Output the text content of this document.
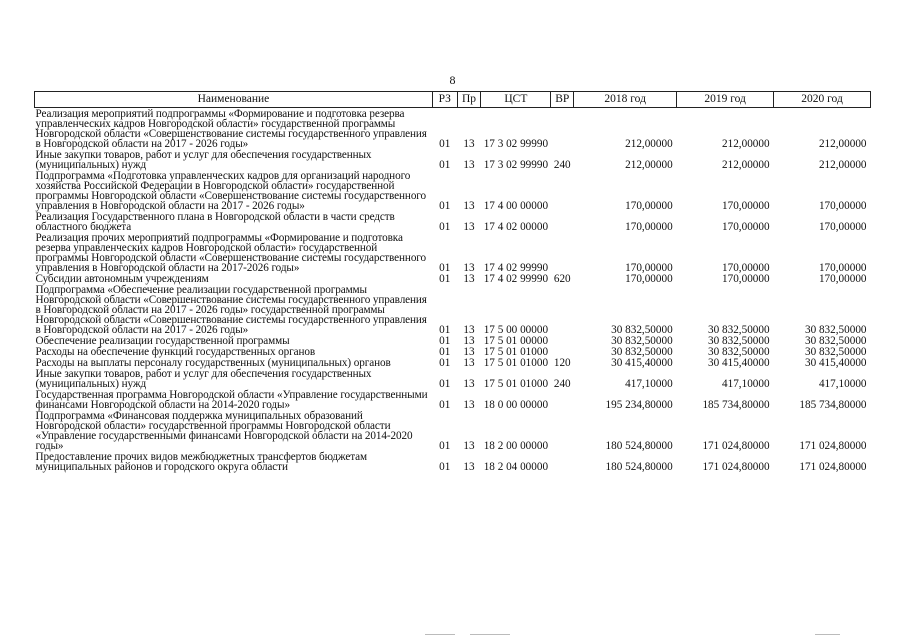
8
Наименование	РЗ	Пр	ЦСТ	ВР	2018 год	2019 год	2020 год
Реализация мероприятий подпрограммы «Формирование и подготовка резерва управленческих кадров Новгородской области» государственной программы Новгородской области «Совершенствование системы государственного управления в Новгородской области на 2017 - 2026 годы»	01	13	17 3 02 99990		212,00000	212,00000	212,00000
Иные закупки товаров, работ и услуг для обеспечения государственных (муниципальных) нужд	01	13	17 3 02 99990	240	212,00000	212,00000	212,00000
Подпрограмма «Подготовка управленческих кадров для организаций народного хозяйства Российской Федерации в Новгородской области» государственной программы Новгородской области «Совершенствование системы государственного управления в Новгородской области на 2017 - 2026 годы»	01	13	17 4 00 00000		170,00000	170,00000	170,00000
Реализация Государственного плана в Новгородской области в части средств областного бюджета	01	13	17 4 02 00000		170,00000	170,00000	170,00000
Реализация прочих мероприятий подпрограммы «Формирование и подготовка резерва управленческих кадров Новгородской области» государственной программы Новгородской области «Совершенствование системы государственного управления в Новгородской области на 2017-2026 годы»	01	13	17 4 02 99990		170,00000	170,00000	170,00000
Субсидии автономным учреждениям	01	13	17 4 02 99990	620	170,00000	170,00000	170,00000
Подпрограмма «Обеспечение реализации государственной программы Новгородской области «Совершенствование системы государственного управления в Новгородской области на 2017 - 2026 годы» государственной программы Новгородской области «Совершенствование системы государственного управления в Новгородской области на 2017 - 2026 годы»	01	13	17 5 00 00000		30 832,50000	30 832,50000	30 832,50000
Обеспечение реализации государственной программы	01	13	17 5 01 00000		30 832,50000	30 832,50000	30 832,50000
Расходы на обеспечение функций государственных органов	01	13	17 5 01 01000		30 832,50000	30 832,50000	30 832,50000
Расходы на выплаты персоналу государственных (муниципальных) органов	01	13	17 5 01 01000	120	30 415,40000	30 415,40000	30 415,40000
Иные закупки товаров, работ и услуг для обеспечения государственных (муниципальных) нужд	01	13	17 5 01 01000	240	417,10000	417,10000	417,10000
Государственная программа Новгородской области «Управление государственными финансами Новгородской области на 2014-2020 годы»	01	13	18 0 00 00000		195 234,80000	185 734,80000	185 734,80000
Подпрограмма «Финансовая поддержка муниципальных образований Новгородской области» государственной программы Новгородской области «Управление государственными финансами Новгородской области на 2014-2020 годы»	01	13	18 2 00 00000		180 524,80000	171 024,80000	171 024,80000
Предоставление прочих видов межбюджетных трансфертов бюджетам муниципальных районов и городского округа области	01	13	18 2 04 00000		180 524,80000	171 024,80000	171 024,80000
